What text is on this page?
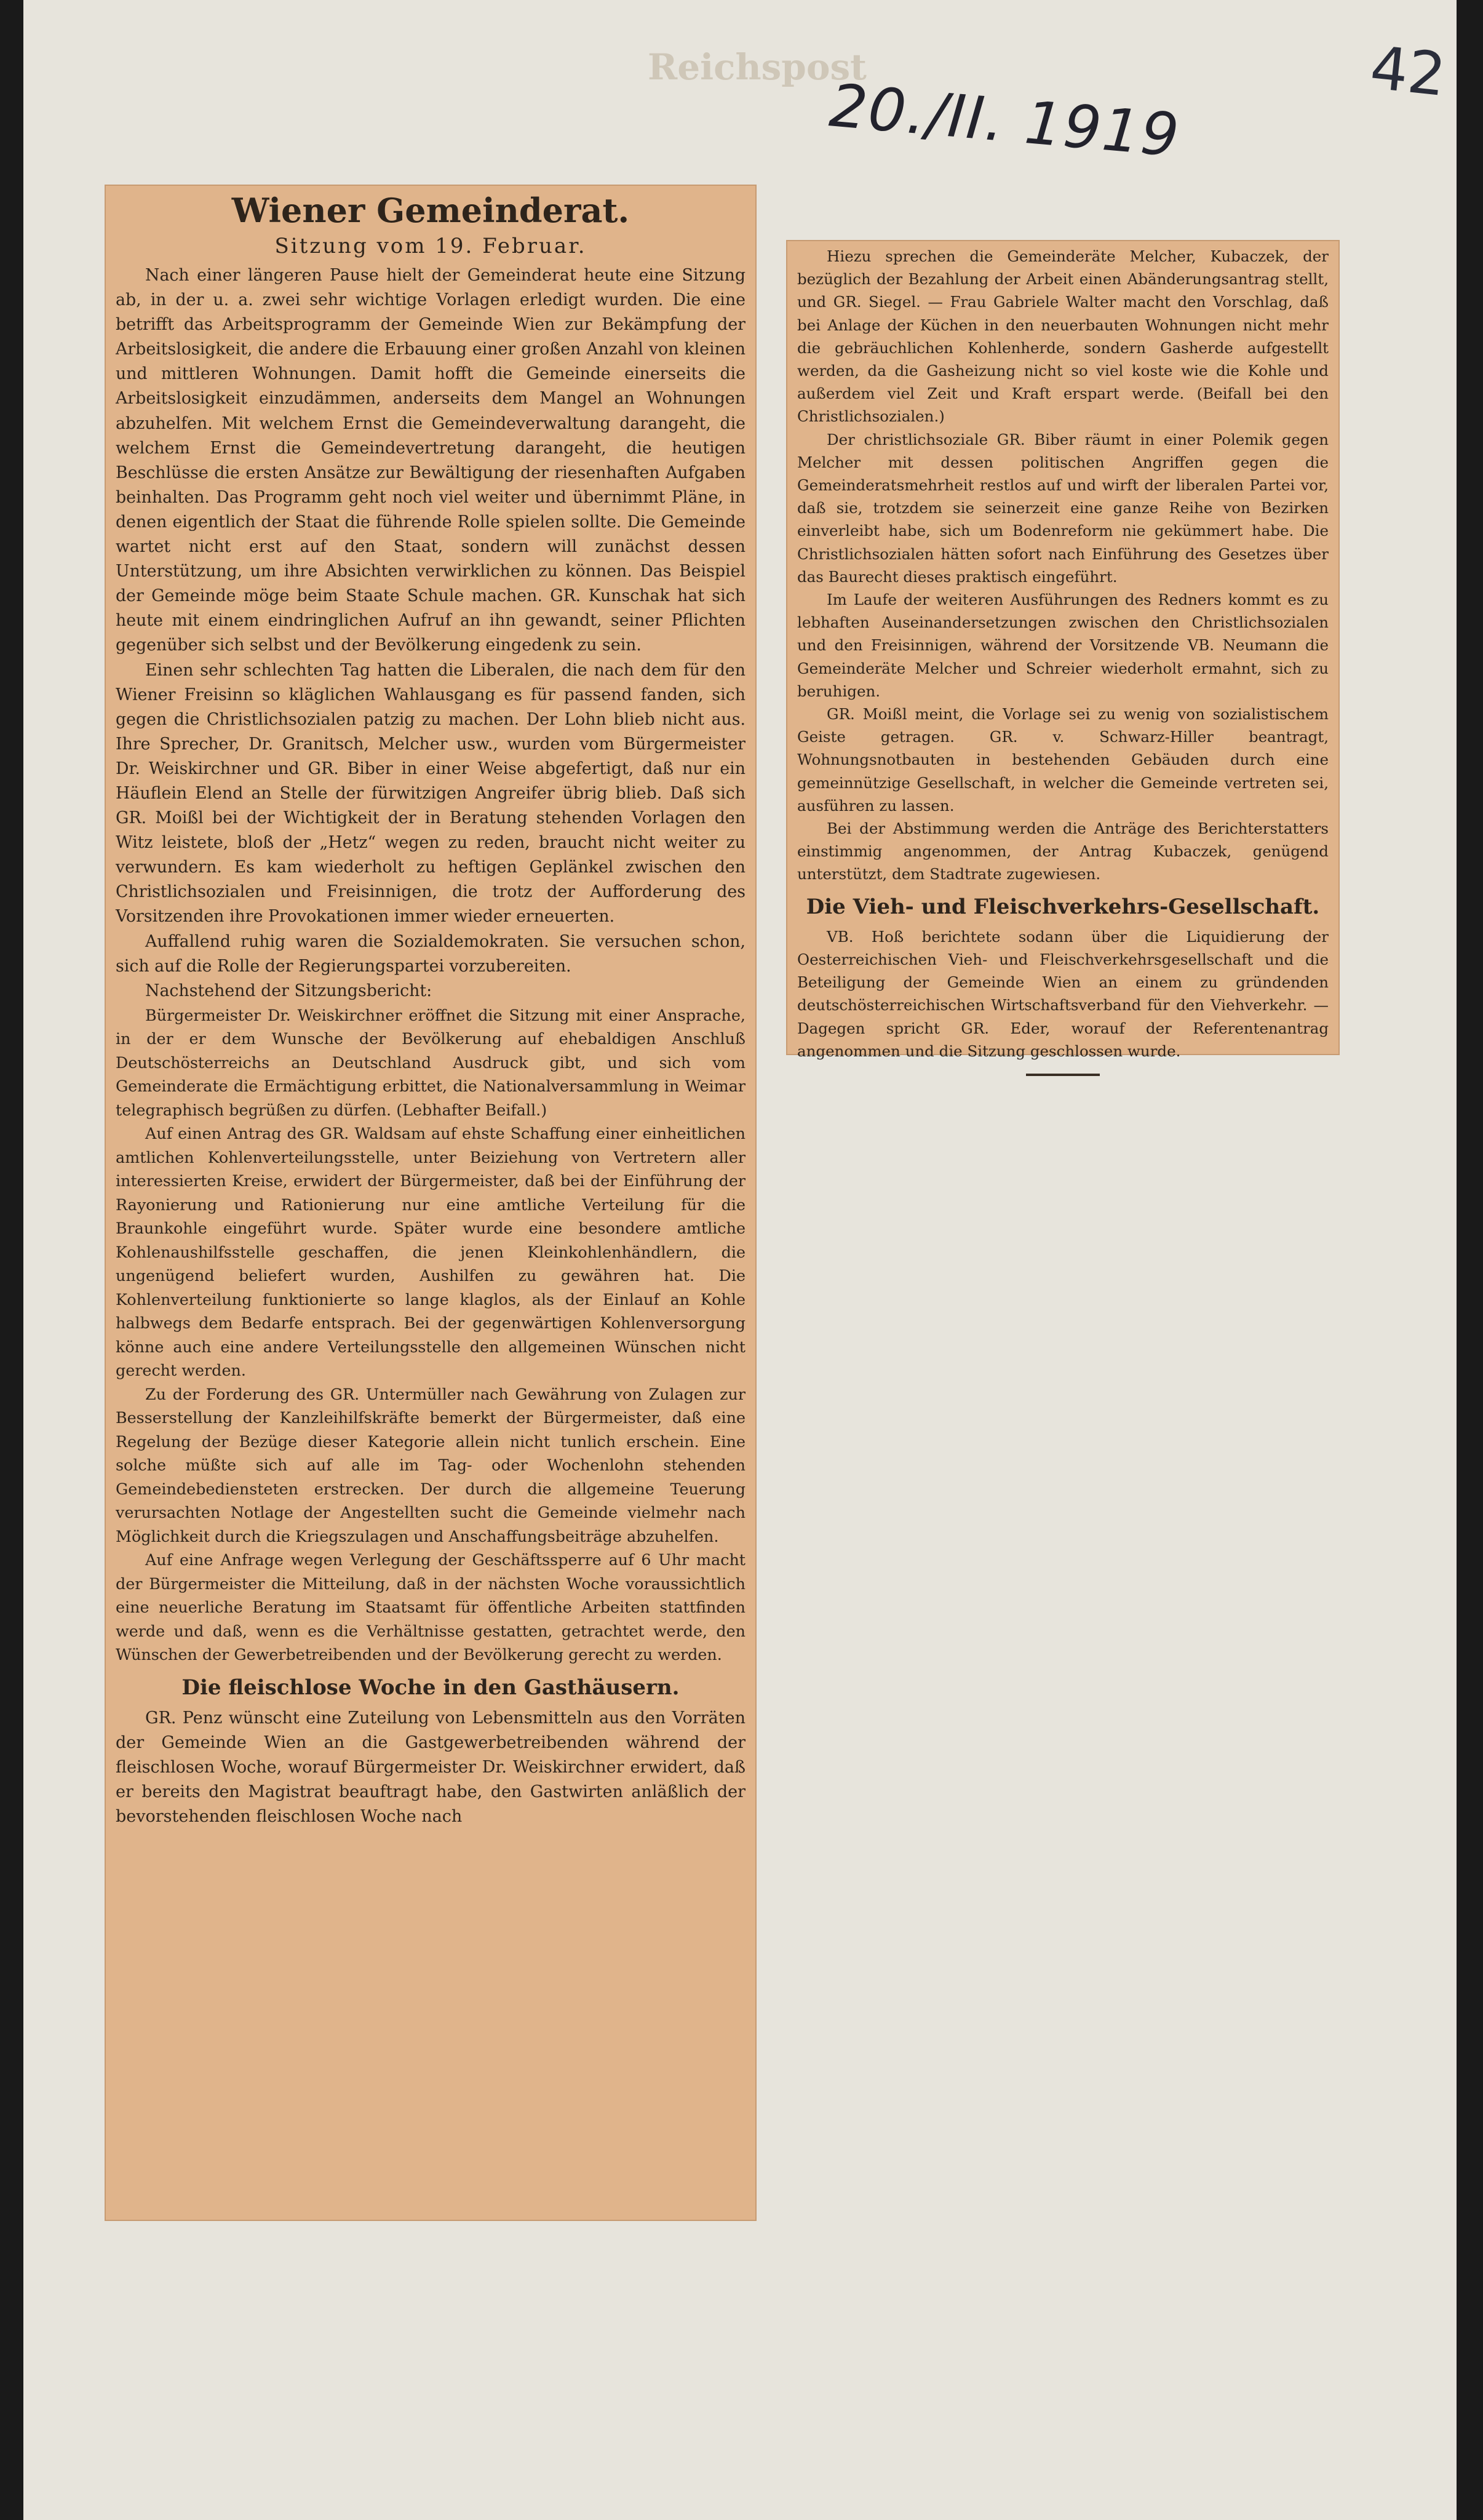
42
Reichspost
20./II. 1919
Wiener Gemeinderat.
Sitzung vom 19. Februar.

Nach einer längeren Pause hielt der Gemeinderat heute eine Sitzung ab, in der u. a. zwei sehr wichtige Vorlagen erledigt wurden. Die eine betrifft das Arbeitsprogramm der Gemeinde Wien zur Bekämpfung der Arbeitslosigkeit, die andere die Erbauung einer großen Anzahl von kleinen und mittleren Wohnungen. Damit hofft die Gemeinde einerseits die Arbeitslosigkeit einzudämmen, anderseits dem Mangel an Wohnungen abzuhelfen. Mit welchem Ernst die Gemeindeverwaltung darangeht, die welchem Ernst die Gemeindevertretung darangeht, die heutigen Beschlüsse die ersten Ansätze zur Bewältigung der riesenhaften Aufgaben beinhalten. Das Programm geht noch viel weiter und übernimmt Pläne, in denen eigentlich der Staat die führende Rolle spielen sollte. Die Gemeinde wartet nicht erst auf den Staat, sondern will zunächst dessen Unterstützung, um ihre Absichten verwirklichen zu können. Das Beispiel der Gemeinde möge beim Staate Schule machen. GR. Kunschak hat sich heute mit einem eindringlichen Aufruf an ihn gewandt, seiner Pflichten gegenüber sich selbst und der Bevölkerung eingedenk zu sein.

Einen sehr schlechten Tag hatten die Liberalen, die nach dem für den Wiener Freisinn so kläglichen Wahlausgang es für passend fanden, sich gegen die Christlichsozialen patzig zu machen. Der Lohn blieb nicht aus. Ihre Sprecher, Dr. Granitsch, Melcher usw., wurden vom Bürgermeister Dr. Weiskirchner und GR. Biber in einer Weise abgefertigt, daß nur ein Häuflein Elend an Stelle der fürwitzigen Angreifer übrig blieb. Daß sich GR. Moißl bei der Wichtigkeit der in Beratung stehenden Vorlagen den Witz leistete, bloß der „Hetz“ wegen zu reden, braucht nicht weiter zu verwundern. Es kam wiederholt zu heftigen Geplänkel zwischen den Christlichsozialen und Freisinnigen, die trotz der Aufforderung des Vorsitzenden ihre Provokationen immer wieder erneuerten.

Auffallend ruhig waren die Sozialdemokraten. Sie versuchen schon, sich auf die Rolle der Regierungspartei vorzubereiten.

Nachstehend der Sitzungsbericht:

Bürgermeister Dr. Weiskirchner eröffnet die Sitzung mit einer Ansprache, in der er dem Wunsche der Bevölkerung auf ehebaldigen Anschluß Deutschösterreichs an Deutschland Ausdruck gibt, und sich vom Gemeinderate die Ermächtigung erbittet, die Nationalversammlung in Weimar telegraphisch begrüßen zu dürfen. (Lebhafter Beifall.)

Auf einen Antrag des GR. Waldsam auf ehste Schaffung einer einheitlichen amtlichen Kohlenverteilungsstelle, unter Beiziehung von Vertretern aller interessierten Kreise, erwidert der Bürgermeister, daß bei der Einführung der Rayonierung und Rationierung nur eine amtliche Verteilung für die Braunkohle eingeführt wurde. Später wurde eine besondere amtliche Kohlenaushilfsstelle geschaffen, die jenen Kleinkohlenhändlern, die ungenügend beliefert wurden, Aushilfen zu gewähren hat. Die Kohlenverteilung funktionierte so lange klaglos, als der Einlauf an Kohle halbwegs dem Bedarfe entsprach. Bei der gegenwärtigen Kohlenversorgung könne auch eine andere Verteilungsstelle den allgemeinen Wünschen nicht gerecht werden.

Zu der Forderung des GR. Untermüller nach Gewährung von Zulagen zur Besserstellung der Kanzleihilfskräfte bemerkt der Bürgermeister, daß eine Regelung der Bezüge dieser Kategorie allein nicht tunlich erschein. Eine solche müßte sich auf alle im Tag- oder Wochenlohn stehenden Gemeindebediensteten erstrecken. Der durch die allgemeine Teuerung verursachten Notlage der Angestellten sucht die Gemeinde vielmehr nach Möglichkeit durch die Kriegszulagen und Anschaffungsbeiträge abzuhelfen.

Auf eine Anfrage wegen Verlegung der Geschäftssperre auf 6 Uhr macht der Bürgermeister die Mitteilung, daß in der nächsten Woche voraussichtlich eine neuerliche Beratung im Staatsamt für öffentliche Arbeiten stattfinden werde und daß, wenn es die Verhältnisse gestatten, getrachtet werde, den Wünschen der Gewerbetreibenden und der Bevölkerung gerecht zu werden.

Die fleischlose Woche in den Gasthäusern.

GR. Penz wünscht eine Zuteilung von Lebensmitteln aus den Vorräten der Gemeinde Wien an die Gastgewerbetreibenden während der fleischlosen Woche, worauf Bürgermeister Dr. Weiskirchner erwidert, daß er bereits den Magistrat beauftragt habe, den Gastwirten anläßlich der bevorstehenden fleischlosen Woche nach

Hiezu sprechen die Gemeinderäte Melcher, Kubaczek, der bezüglich der Bezahlung der Arbeit einen Abänderungsantrag stellt, und GR. Siegel. — Frau Gabriele Walter macht den Vorschlag, daß bei Anlage der Küchen in den neuerbauten Wohnungen nicht mehr die gebräuchlichen Kohlenherde, sondern Gasherde aufgestellt werden, da die Gasheizung nicht so viel koste wie die Kohle und außerdem viel Zeit und Kraft erspart werde. (Beifall bei den Christlichsozialen.)

Der christlichsoziale GR. Biber räumt in einer Polemik gegen Melcher mit dessen politischen Angriffen gegen die Gemeinderatsmehrheit restlos auf und wirft der liberalen Partei vor, daß sie, trotzdem sie seinerzeit eine ganze Reihe von Bezirken einverleibt habe, sich um Bodenreform nie gekümmert habe. Die Christlichsozialen hätten sofort nach Einführung des Gesetzes über das Baurecht dieses praktisch eingeführt.

Im Laufe der weiteren Ausführungen des Redners kommt es zu lebhaften Auseinandersetzungen zwischen den Christlichsozialen und den Freisinnigen, während der Vorsitzende VB. Neumann die Gemeinderäte Melcher und Schreier wiederholt ermahnt, sich zu beruhigen.

GR. Moißl meint, die Vorlage sei zu wenig von sozialistischem Geiste getragen. GR. v. Schwarz-Hiller beantragt, Wohnungsnotbauten in bestehenden Gebäuden durch eine gemeinnützige Gesellschaft, in welcher die Gemeinde vertreten sei, ausführen zu lassen.

Bei der Abstimmung werden die Anträge des Berichterstatters einstimmig angenommen, der Antrag Kubaczek, genügend unterstützt, dem Stadtrate zugewiesen.

Die Vieh- und Fleischverkehrs-Gesellschaft.

VB. Hoß berichtete sodann über die Liquidierung der Oesterreichischen Vieh- und Fleischverkehrsgesellschaft und die Beteiligung der Gemeinde Wien an einem zu gründenden deutschösterreichischen Wirtschaftsverband für den Viehverkehr. — Dagegen spricht GR. Eder, worauf der Referentenantrag angenommen und die Sitzung geschlossen wurde.
